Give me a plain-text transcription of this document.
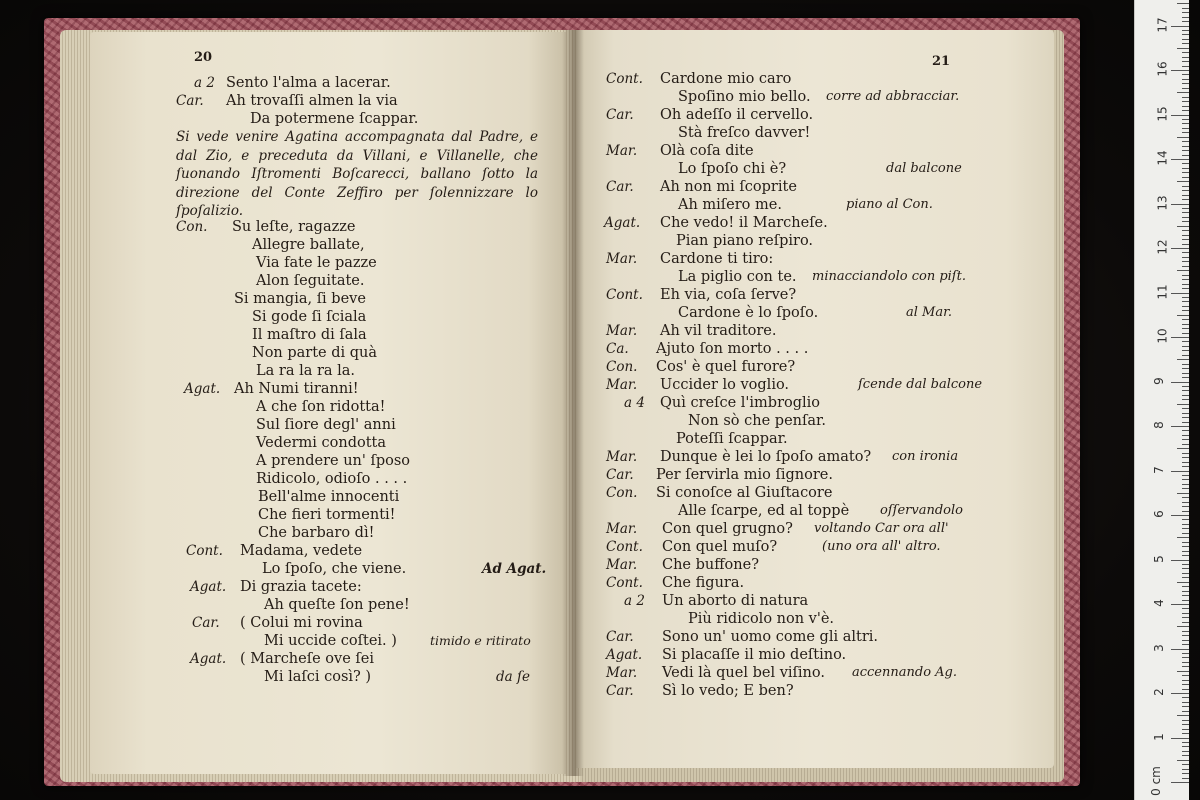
20
a 2 Sento l'alma a lacerar.
Car. Ah trovaſſi almen la via
Da potermene ſcappar.
Con. Su leſte, ragazze
Allegre ballate,
Via fate le pazze
Alon ſeguitate.
Si mangia, ſi beve
Si gode ſi ſciala
Il maſtro di ſala
Non parte di quà
La ra la ra la.
Agat. Ah Numi tiranni!
A che ſon ridotta!
Sul ſiore degl' anni
Vedermi condotta
A prendere un' ſposo
Ridicolo, odioſo . . . .
Bell'alme innocenti
Che fieri tormenti!
Che barbaro dì!
Cont. Madama, vedete
Lo ſpoſo, che viene.
Agat. Di grazia tacete:
Ah queſte ſon pene!
Car. ( Colui mi rovina
Mi uccide coſtei. )
Agat. ( Marcheſe ove ſei
Mi laſci così? )
Si vede venire Agatina accompagnata dal Padre, e dal Zio, e preceduta da Villani, e Villanelle, che ſuonando Iſtromenti Boſcarecci, ballano ſotto la direzione del Conte Zeffiro per ſolennizzare lo ſpoſalizio.
Ad Agat.
timido e ritirato
da ſe
21
Cont. Cardone mio caro
Spoſino mio bello.
Car. Oh adeſſo il cervello.
Stà freſco davver!
Mar. Olà coſa dite
Lo ſpoſo chi è?
Car. Ah non mi ſcoprite
Ah miſero me.
Agat. Che vedo! il Marcheſe.
Pian piano reſpiro.
Mar. Cardone ti tiro:
La piglio con te.
Cont. Eh via, coſa ſerve?
Cardone è lo ſpoſo.
Mar. Ah vil traditore.
Ca. Ajuto ſon morto . . . .
Con. Cos' è quel furore?
Mar. Uccider lo voglio.
a 4 Quì creſce l'imbroglio
Non sò che penſar.
Poteſſi ſcappar.
Mar. Dunque è lei lo ſpoſo amato?
Car. Per ſervirla mio ſignore.
Con. Si conoſce al Giuſtacore
Alle ſcarpe, ed al toppè
Mar. Con quel grugno?
Cont. Con quel muſo?
Mar. Che buffone?
Cont. Che figura.
a 2 Un aborto di natura
Più ridicolo non v'è.
Car. Sono un' uomo come gli altri.
Agat. Si placaſſe il mio deſtino.
Mar. Vedi là quel bel viſino.
Car. Sì lo vedo; E ben?
corre ad abbracciar.
dal balcone
piano al Con.
minacciandolo con piſt.
al Mar.
ſcende dal balcone
con ironia
oſſervandolo
voltando Car ora all'
(uno ora all' altro.
accennando Ag.
0 cm
1
2
3
4
5
6
7
8
9
10
11
12
13
14
15
16
17
